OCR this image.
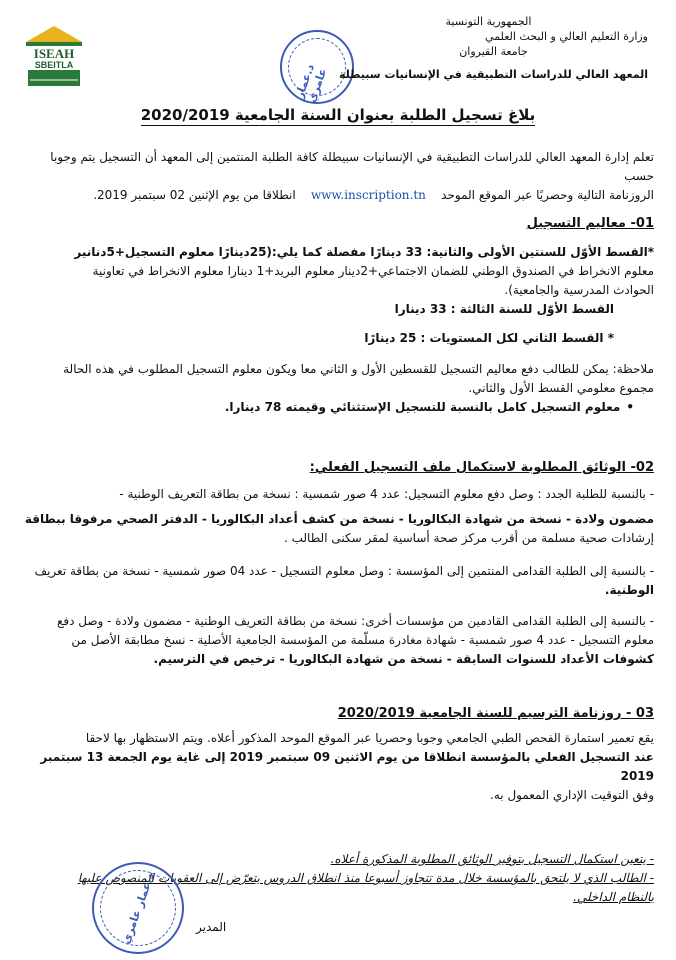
ISEAH
SBEITLA	د.عمار عامري
الجمهورية التونسية
وزارة التعليم العالي و البحث العلمي
جامعة القيروان
المعهد العالي للدراسات التطبيقية في الإنسانيات سبيطلة
بلاغ تسجيل الطلبة بعنوان السنة الجامعية 2020/2019
تعلم إدارة المعهد العالي للدراسات التطبيقية في الإنسانيات سبيطلة كافة الطلبة المنتمين إلى المعهد أن التسجيل يتم وجوبا حسب
الروزنامة التالية وحصريًا عبر الموقع الموحد    www.inscription.tn    انطلاقا من يوم الإثنين 02 سبتمبر 2019.
01- معاليم التسجيل
*القسط الأوّل للسنتين الأولى والثانية: 33 دينارًا مفصلة كما يلي:(25دينارًا معلوم التسجيل+5دنانير
معلوم الانخراط في الصندوق الوطني للضمان الاجتماعي+2دينار معلوم البريد+1 دينارا معلوم الانخراط في تعاونية
الحوادث المدرسية والجامعية).
القسط الأوّل للسنة الثالثة : 33 دينارا
* القسط الثاني لكل المستويات : 25 دينارًا
ملاحظة: يمكن للطالب دفع معاليم التسجيل للقسطين الأول و الثاني معا ويكون معلوم التسجيل المطلوب في هذه الحالة
مجموع معلومي القسط الأول والثاني.
• معلوم التسجيل كامل بالنسبة للتسجيل الإستثنائي وقيمته 78 دينارا.
02- الوثائق المطلوبة لاستكمال ملف التسجيل الفعلي:
- بالنسبة للطلبة الجدد : وصل دفع معلوم التسجيل: عدد 4 صور شمسية : نسخة من بطاقة التعريف الوطنية -
مضمون ولادة - نسخة من شهادة البكالوريا - نسخة من كشف أعداد البكالوريا - الدفتر الصحي مرفوقا ببطاقة
إرشادات صحية مسلمة من أقرب مركز صحة أساسية لمقر سكنى الطالب .
- بالنسبة إلى الطلبة القدامى المنتمين إلى المؤسسة : وصل معلوم التسجيل - عدد 04 صور شمسية - نسخة من بطاقة تعريف
الوطنية.
- بالنسبة إلى الطلبة القدامى القادمين من مؤسسات أخرى: نسخة من بطاقة التعريف الوطنية - مضمون ولادة - وصل دفع
معلوم التسجيل - عدد 4 صور شمسية - شهادة مغادرة مسلّمة من المؤسسة الجامعية الأصلية - نسخ مطابقة الأصل من
كشوفات الأعداد للسنوات السابقة - نسخة من شهادة البكالوريا - ترخيص في الترسيم.
03 - روزنامة الترسيم للسنة الجامعية 2020/2019
يقع تعمير استمارة الفحص الطبي الجامعي وجوبا وحصريا عبر الموقع الموحد المذكور أعلاه. ويتم الاستظهار بها لاحقا
عند التسجيل الفعلي بالمؤسسة انطلاقا من يوم الاثنين 09 سبتمبر 2019 إلى غاية يوم الجمعة 13 سبتمبر 2019
وفق التوقيت الإداري المعمول به.
- يتعين استكمال التسجيل بتوفير الوثائق المطلوبة المذكورة أعلاه.
- الطالب الذي لا يلتحق بالمؤسسة خلال مدة تتجاوز أسبوعا منذ انطلاق الدروس يتعرّض إلى العقوبات المنصوص عليها
بالنظام الداخلي.
د.عمار عامري	المدير
